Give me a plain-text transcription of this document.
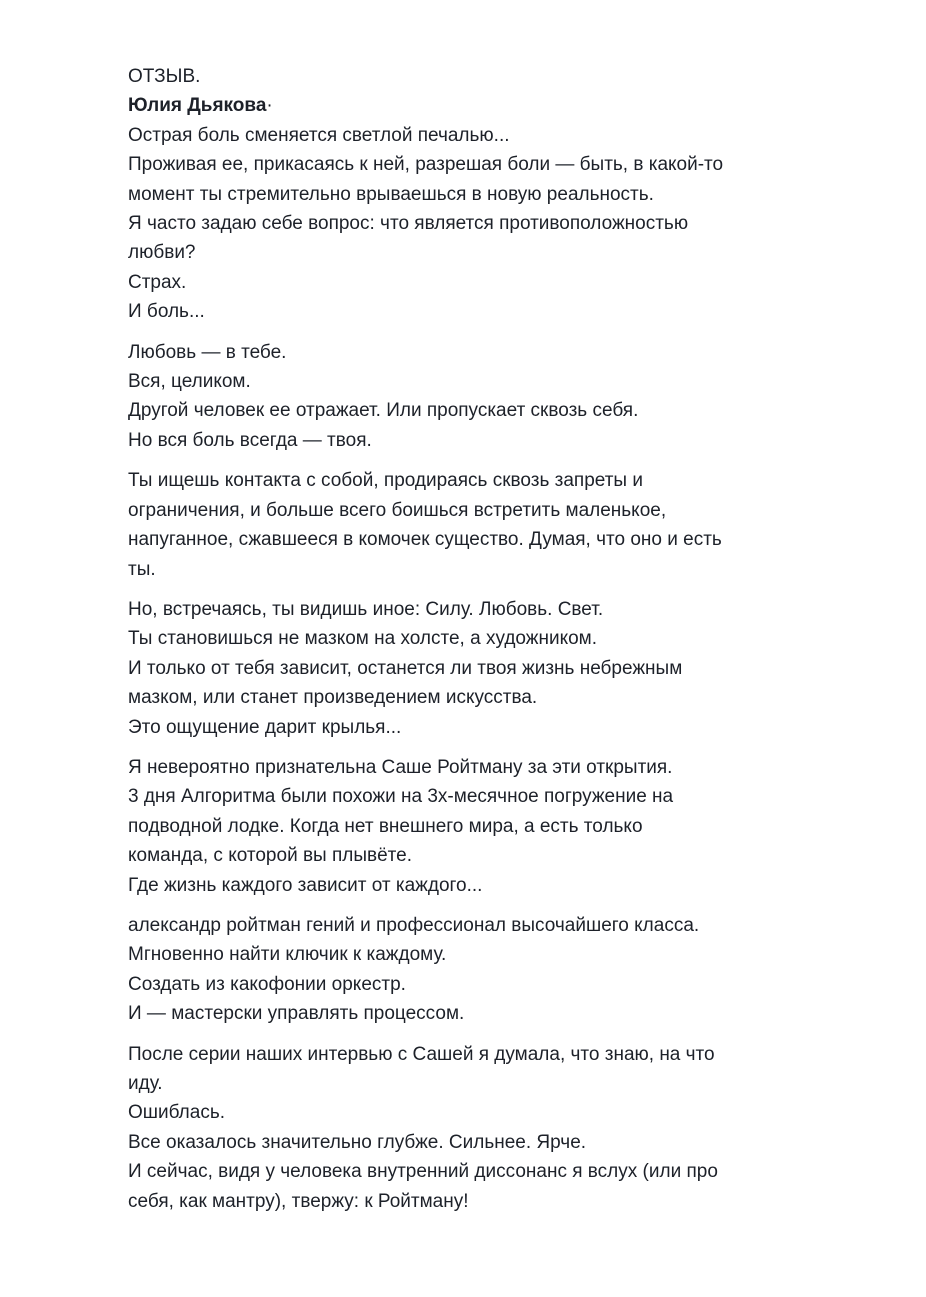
ОТЗЫВ.
Юлия Дьякова·
Острая боль сменяется светлой печалью...
Проживая ее, прикасаясь к ней, разрешая боли — быть, в какой-то
момент ты стремительно врываешься в новую реальность.
Я часто задаю себе вопрос: что является противоположностью
любви?
Страх.
И боль...
Любовь — в тебе.
Вся, целиком.
Другой человек ее отражает. Или пропускает сквозь себя.
Но вся боль всегда — твоя.
Ты ищешь контакта с собой, продираясь сквозь запреты и
ограничения, и больше всего боишься встретить маленькое,
напуганное, сжавшееся в комочек существо. Думая, что оно и есть
ты.
Но, встречаясь, ты видишь иное: Силу. Любовь. Свет.
Ты становишься не мазком на холсте, а художником.
И только от тебя зависит, останется ли твоя жизнь небрежным
мазком, или станет произведением искусства.
Это ощущение дарит крылья...
Я невероятно признательна Саше Ройтману за эти открытия.
3 дня Алгоритма были похожи на 3х-месячное погружение на
подводной лодке. Когда нет внешнего мира, а есть только
команда, с которой вы плывёте.
Где жизнь каждого зависит от каждого...
александр ройтман гений и профессионал высочайшего класса.
Мгновенно найти ключик к каждому.
Создать из какофонии оркестр.
И — мастерски управлять процессом.
После серии наших интервью с Сашей я думала, что знаю, на что
иду.
Ошиблась.
Все оказалось значительно глубже. Сильнее. Ярче.
И сейчас, видя у человека внутренний диссонанс я вслух (или про
себя, как мантру), твержу: к Ройтману!
